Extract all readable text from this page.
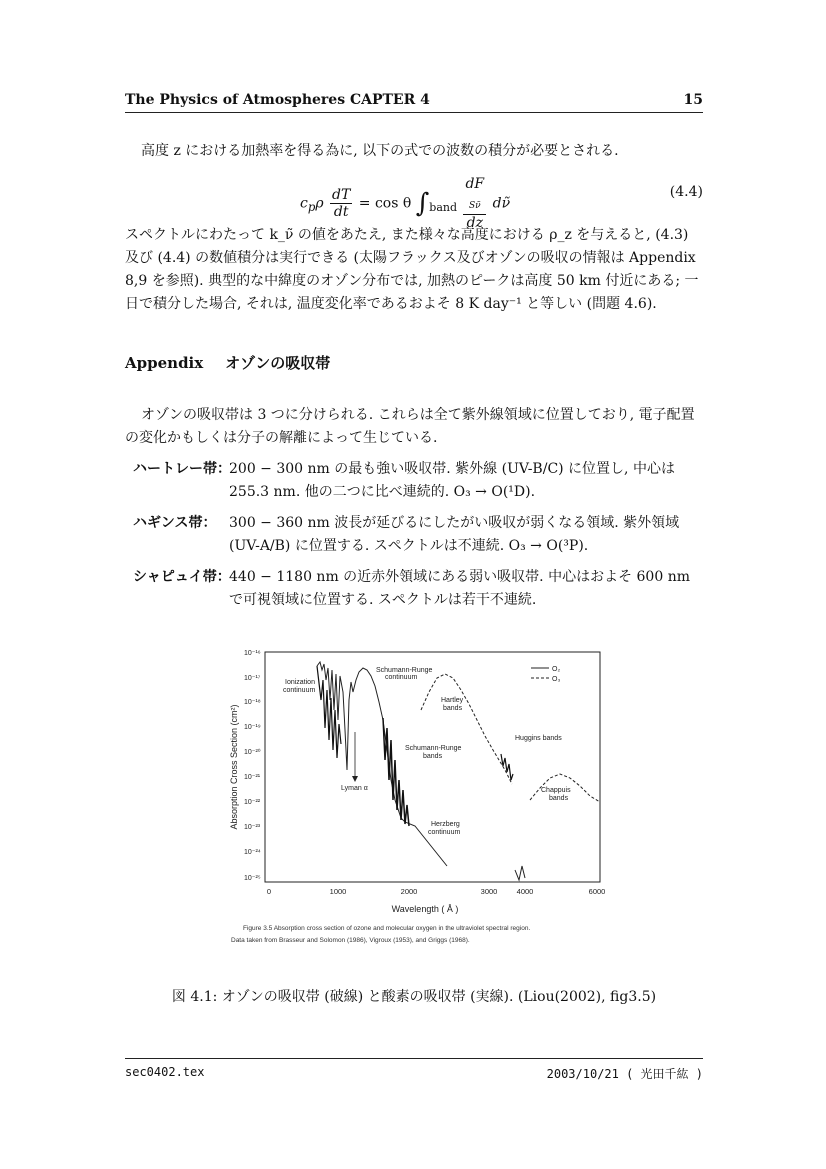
The Physics of Atmospheres CAPTER 4	15
高度 z における加熱率を得る為に, 以下の式での波数の積分が必要とされる.
$c_p\rho \frac{dT}{dt} = \cos \theta$ $\int_{band}$ dF
$_{S\nũ}$
dz dν̃
(4.4)
スペクトルにわたって k_ν̃ の値をあたえ, また様々な高度における ρ_z を与えると, (4.3) 及び (4.4) の数値積分は実行できる (太陽フラックス及びオゾンの吸収の情報は Appendix 8,9 を参照). 典型的な中緯度のオゾン分布では, 加熱のピークは高度 50 km 付近にある; 一日で積分した場合, それは, 温度変化率であるおよそ 8 K day⁻¹ と等しい (問題 4.6).
Appendix オゾンの吸収帯
オゾンの吸収帯は 3 つに分けられる. これらは全て紫外線領域に位置しており, 電子配置の変化かもしくは分子の解離によって生じている.
ハートレー帯：
200 − 300 nm の最も強い吸収帯. 紫外線 (UV-B/C) に位置し, 中心は 255.3 nm. 他の二つに比べ連続的. O₃ → O(¹D).
ハギンス帯： 300 − 360 nm 波長が延びるにしたがい吸収が弱くなる領域. 紫外領域 (UV-A/B) に位置する. スペクトルは不連続. O₃ → O(³P).
シャピュイ帯：
440 − 1180 nm の近赤外領域にある弱い吸収帯. 中心はおよそ 600 nm で可視領域に位置する. スペクトルは若干不連続.
10⁻¹⁶
10⁻¹⁷
10⁻¹⁸
10⁻¹⁹
10⁻²⁰
10⁻²¹
10⁻²²
10⁻²³
10⁻²⁴
10⁻²⁵
0	1000	2000	3000	4000	6000
Absorption Cross Section (cm²)
Wavelength ( Å )
Ionization
continuum
Schumann-Runge
continuum
Hartley
bands
Huggins bands
Schumann-Runge
bands
Lyman α	Chappuis
bands
Herzberg
continuum
O₂
O₃
Figure 3.5 Absorption cross section of ozone and molecular oxygen in the ultraviolet spectral region.
Data taken from Brasseur and Solomon (1986), Vigroux (1953), and Griggs (1968).
図 4.1: オゾンの吸収帯 (破線) と酸素の吸収帯 (実線). (Liou(2002), fig3.5)
sec0402.tex	2003/10/21 ( 光田千紘 )
